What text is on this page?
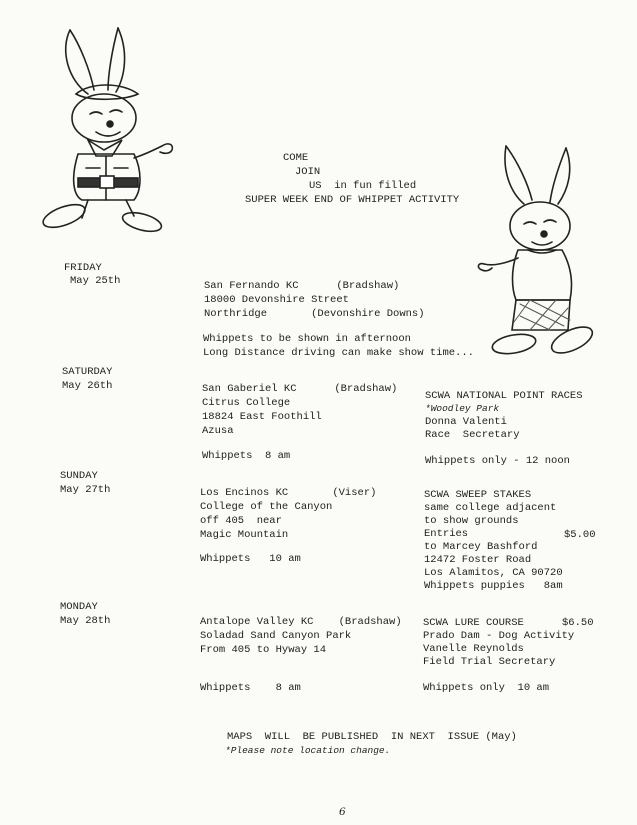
COME
JOIN
US  in fun filled
SUPER WEEK END OF WHIPPET ACTIVITY
FRIDAY
May 25th	San Fernando KC      (Bradshaw)
18000 Devonshire Street
Northridge       (Devonshire Downs)
Whippets to be shown in afternoon
Long Distance driving can make show time...
SATURDAY
May 26th	San Gaberiel KC      (Bradshaw)
Citrus College
18824 East Foothill
Azusa
Whippets  8 am
SCWA NATIONAL POINT RACES
*Woodley Park
Donna Valenti
Race  Secretary
Whippets only - 12 noon
SUNDAY
May 27th	Los Encinos KC       (Viser)
College of the Canyon
off 405  near
Magic Mountain
Whippets   10 am
SCWA SWEEP STAKES
same college adjacent
to show grounds
Entries	$5.00
to Marcey Bashford
12472 Foster Road
Los Alamitos, CA 90720
Whippets puppies   8am
MONDAY
May 28th	Antalope Valley KC    (Bradshaw)
Soladad Sand Canyon Park
From 405 to Hyway 14
Whippets    8 am
SCWA LURE COURSE	$6.50
Prado Dam - Dog Activity
Vanelle Reynolds
Field Trial Secretary
Whippets only  10 am
MAPS  WILL  BE PUBLISHED  IN NEXT  ISSUE (May)
*Please note location change.
6
